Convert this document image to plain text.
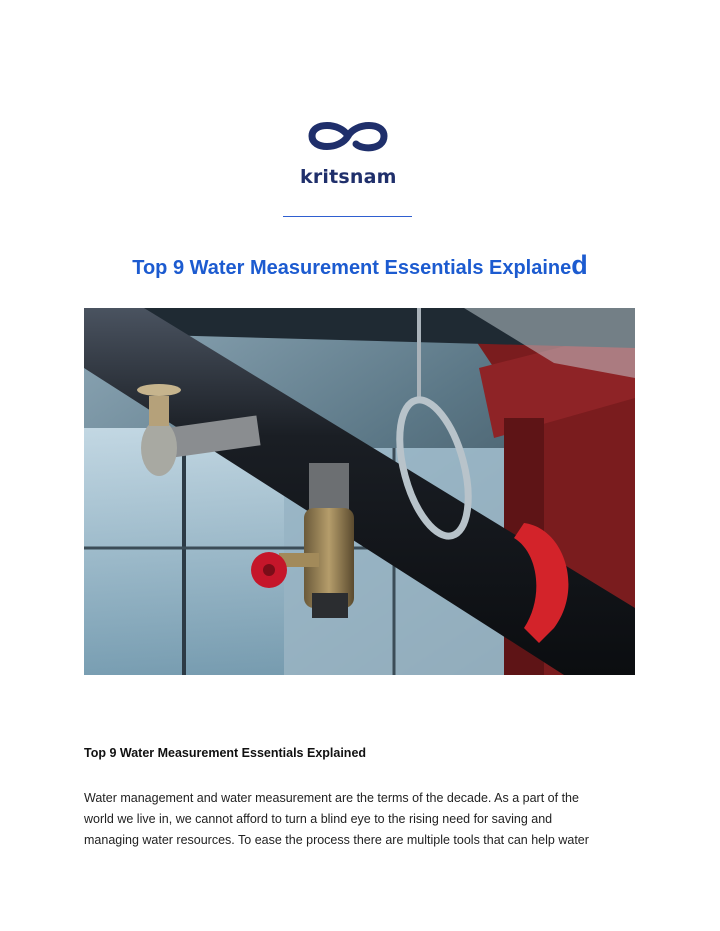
kritsnam
Top 9 Water Measurement Essentials Explained
Top 9 Water Measurement Essentials Explained
Water management and water measurement are the terms of the decade. As a part of the
world we live in, we cannot afford to turn a blind eye to the rising need for saving and
managing water resources. To ease the process there are multiple tools that can help water
